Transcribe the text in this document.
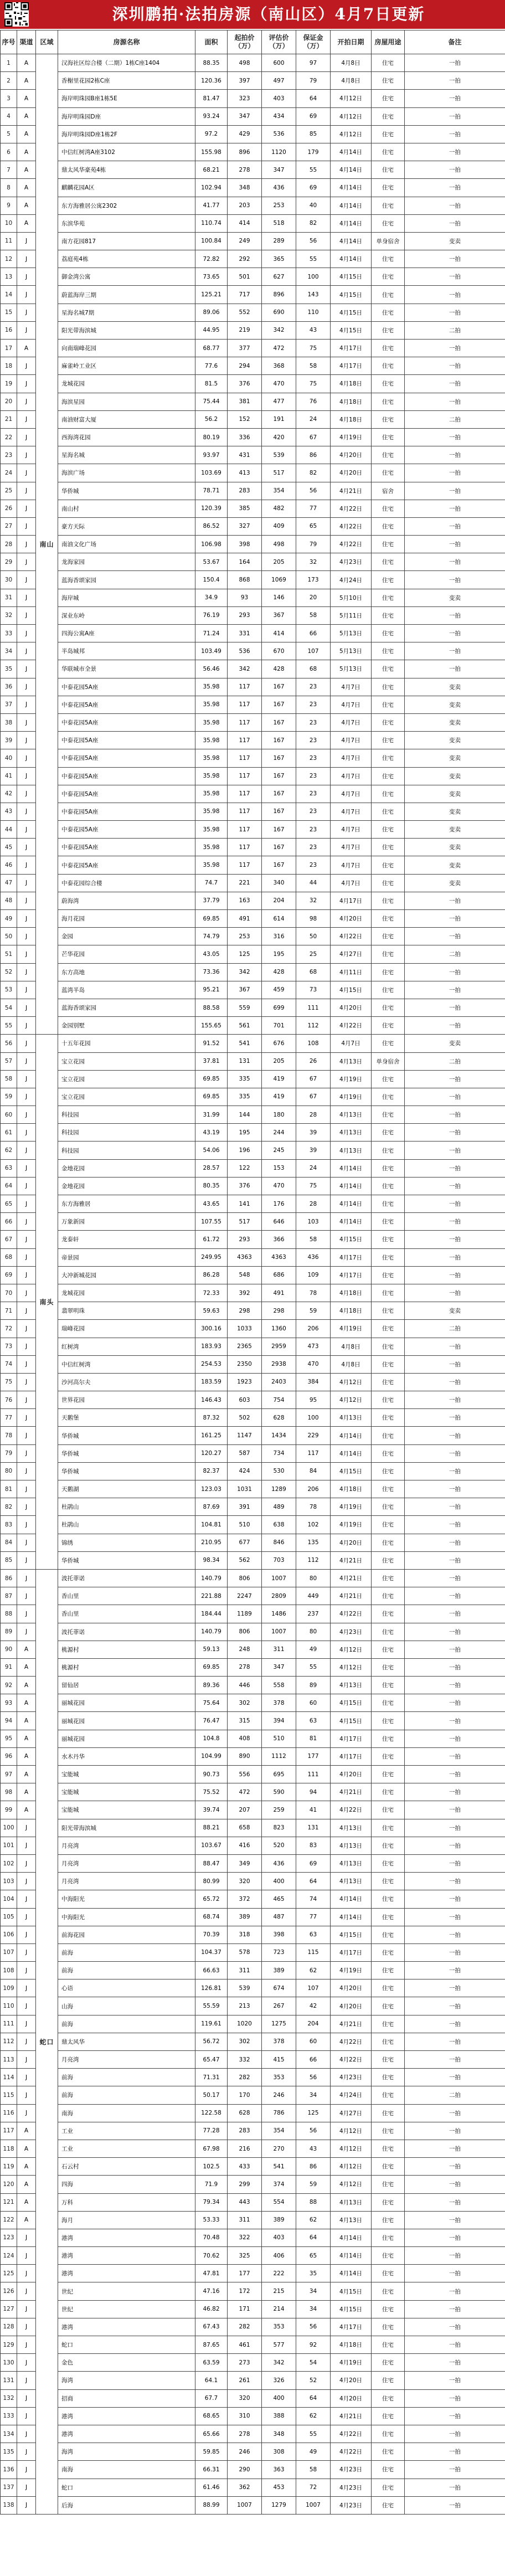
深圳鹏拍·法拍房源（南山区）4月7日更新
序号	渠道	区域	房源名称	面积	起拍价（万）	评估价（万）	保证金（万）	开拍日期	房屋用途	备注
1	A	南山	汉海社区综合楼（二期）1栋C座1404	88.35	498	600	97	4月8日	住宅	一拍
2	A		香榭里花园2栋C座	120.36	397	497	79	4月8日	住宅	一拍
3	A		海岸明珠园B座1栋5E	81.47	323	403	64	4月12日	住宅	一拍
4	A		海岸明珠园D座	93.24	347	434	69	4月12日	住宅	一拍
5	A		海岸明珠园D座1栋2F	97.2	429	536	85	4月12日	住宅	一拍
6	A		中信红树湾A座3102	155.98	896	1120	179	4月14日	住宅	一拍
7	A		鼎太风华豪苑4栋	68.21	278	347	55	4月14日	住宅	一拍
8	A		麒麟花园A区	102.94	348	436	69	4月14日	住宅	一拍
9	A		东方海雅居公寓2302	41.77	203	253	40	4月14日	住宅	一拍
10	A		东滨华苑	110.74	414	518	82	4月14日	住宅	一拍
11	J		南方花园817	100.84	249	289	56	4月14日	单身宿舍	变卖
12	J		荔庭苑4栋	72.82	292	365	55	4月14日	住宅	一拍
13	J		御金湾公寓	73.65	501	627	100	4月15日	住宅	一拍
14	J		蔚蓝海岸三期	125.21	717	896	143	4月15日	住宅	一拍
15	J		星海名城7期	89.06	552	690	110	4月15日	住宅	一拍
16	J		阳光带海滨城	44.95	219	342	43	4月15日	住宅	二拍
17	A		向南瑞峰花园	68.77	377	472	75	4月17日	住宅	一拍
18	J		麻雀岭工业区	77.6	294	368	58	4月17日	住宅	一拍
19	J		龙城花园	81.5	376	470	75	4月18日	住宅	一拍
20	J		海滨星园	75.44	381	477	76	4月18日	住宅	一拍
21	J		南油财富大厦	56.2	152	191	24	4月18日	住宅	二拍
22	J		西海湾花园	80.19	336	420	67	4月19日	住宅	一拍
23	J		星海名城	93.97	431	539	86	4月20日	住宅	一拍
24	J		海滨广场	103.69	413	517	82	4月20日	住宅	一拍
25	J		华侨城	78.71	283	354	56	4月21日	宿舍	一拍
26	J		南山村	120.39	385	482	77	4月22日	住宅	一拍
27	J		豪方天际	86.52	327	409	65	4月22日	住宅	一拍
28	J		南油文化广场	106.98	398	498	79	4月22日	住宅	一拍
29	J		龙海家园	53.67	164	205	32	4月23日	住宅	一拍
30	J		蓝海香颂家园	150.4	868	1069	173	4月24日	住宅	一拍
31	J		海岸城	34.9	93	146	20	5月10日	住宅	变卖
32	J		深业东岭	76.19	293	367	58	5月11日	住宅	一拍
33	J		四海公寓A座	71.24	331	414	66	5月13日	住宅	一拍
34	J		半岛城邦	103.49	536	670	107	5月13日	住宅	一拍
35	J		华联城市全景	56.46	342	428	68	5月13日	住宅	一拍
36	J		中泰花园5A座	35.98	117	167	23	4月7日	住宅	变卖
37	J		中泰花园5A座	35.98	117	167	23	4月7日	住宅	变卖
38	J		中泰花园5A座	35.98	117	167	23	4月7日	住宅	变卖
39	J		中泰花园5A座	35.98	117	167	23	4月7日	住宅	变卖
40	J		中泰花园5A座	35.98	117	167	23	4月7日	住宅	变卖
41	J		中泰花园5A座	35.98	117	167	23	4月7日	住宅	变卖
42	J		中泰花园5A座	35.98	117	167	23	4月7日	住宅	变卖
43	J		中泰花园5A座	35.98	117	167	23	4月7日	住宅	变卖
44	J		中泰花园5A座	35.98	117	167	23	4月7日	住宅	变卖
45	J		中泰花园5A座	35.98	117	167	23	4月7日	住宅	变卖
46	J		中泰花园5A座	35.98	117	167	23	4月7日	住宅	变卖
47	J		中泰花园综合楼	74.7	221	340	44	4月7日	住宅	变卖
48	J		蔚海湾	37.79	163	204	32	4月17日	住宅	一拍
49	J		海月花园	69.85	491	614	98	4月20日	住宅	一拍
50	J		金园	74.79	253	316	50	4月22日	住宅	一拍
51	J		芒华花园	43.05	125	195	25	4月27日	住宅	二拍
52	J		东方高地	73.36	342	428	68	4月11日	住宅	一拍
53	J		蓝湾半岛	95.21	367	459	73	4月15日	住宅	一拍
54	J		蓝海香颂家园	88.58	559	699	111	4月20日	住宅	一拍
55	J		金园别墅	155.65	561	701	112	4月22日	住宅	一拍
56	J	南头	十五年花园	91.52	541	676	108	4月7日	住宅	变卖
57	J		宝立花园	37.81	131	205	26	4月13日	单身宿舍	二拍
58	J		宝立花园	69.85	335	419	67	4月19日	住宅	一拍
59	J		宝立花园	69.85	335	419	67	4月19日	住宅	一拍
60	J		科技园	31.99	144	180	28	4月13日	住宅	一拍
61	J		科技园	43.19	195	244	39	4月13日	住宅	一拍
62	J		科技园	54.06	196	245	39	4月13日	住宅	一拍
63	J		金地花园	28.57	122	153	24	4月14日	住宅	一拍
64	J		金地花园	80.35	376	470	75	4月14日	住宅	一拍
65	J		东方海雅居	43.65	141	176	28	4月14日	住宅	一拍
66	J		万象新园	107.55	517	646	103	4月14日	住宅	一拍
67	J		龙泰轩	61.72	293	366	58	4月15日	住宅	一拍
68	J		帝景园	249.95	4363	4363	436	4月17日	住宅	一拍
69	J		大冲新城花园	86.28	548	686	109	4月17日	住宅	一拍
70	J		龙城花园	72.33	392	491	78	4月18日	住宅	一拍
71	J		翡翠明珠	59.63	298	298	59	4月18日	住宅	变卖
72	J		瑞峰花园	300.16	1033	1360	206	4月19日	住宅	二拍
73	J		红树湾	183.93	2365	2959	473	4月8日	住宅	一拍
74	J		中信红树湾	254.53	2350	2938	470	4月8日	住宅	一拍
75	J		沙河高尔夫	183.59	1923	2403	384	4月12日	住宅	一拍
76	J		世界花园	146.43	603	754	95	4月12日	住宅	一拍
77	J		天鹅堡	87.32	502	628	100	4月13日	住宅	一拍
78	J		华侨城	161.25	1147	1434	229	4月14日	住宅	一拍
79	J		华侨城	120.27	587	734	117	4月14日	住宅	一拍
80	J		华侨城	82.37	424	530	84	4月15日	住宅	一拍
81	J		天鹅湖	123.03	1031	1289	206	4月18日	住宅	一拍
82	J		杜鹃山	87.69	391	489	78	4月19日	住宅	一拍
83	J		杜鹃山	104.81	510	638	102	4月19日	住宅	一拍
84	J		锦绣	210.95	677	846	135	4月20日	住宅	一拍
85	J		华侨城	98.34	562	703	112	4月21日	住宅	一拍
86	J	蛇口	波托菲诺	140.79	806	1007	80	4月21日	住宅	一拍
87	J		香山里	221.88	2247	2809	449	4月21日	住宅	一拍
88	J		香山里	184.44	1189	1486	237	4月22日	住宅	一拍
89	J		波托菲诺	140.79	806	1007	80	4月23日	住宅	一拍
90	A		桃源村	59.13	248	311	49	4月12日	住宅	一拍
91	A		桃源村	69.85	278	347	55	4月12日	住宅	一拍
92	A		留仙居	89.36	446	558	89	4月13日	住宅	一拍
93	A		丽城花园	75.64	302	378	60	4月15日	住宅	一拍
94	A		丽城花园	76.47	315	394	63	4月15日	住宅	一拍
95	A		丽城花园	104.8	408	510	81	4月17日	住宅	一拍
96	A		水木丹华	104.99	890	1112	177	4月17日	住宅	一拍
97	A		宝能城	90.73	556	695	111	4月20日	住宅	一拍
98	A		宝能城	75.52	472	590	94	4月21日	住宅	一拍
99	A		宝能城	39.74	207	259	41	4月22日	住宅	一拍
100	J		阳光带海滨城	88.21	658	823	131	4月13日	住宅	一拍
101	J		月亮湾	103.67	416	520	83	4月13日	住宅	一拍
102	J		月亮湾	88.47	349	436	69	4月13日	住宅	一拍
103	J		月亮湾	80.99	320	400	64	4月13日	住宅	一拍
104	J		中海阳光	65.72	372	465	74	4月14日	住宅	一拍
105	J		中海阳光	68.74	389	487	77	4月14日	住宅	一拍
106	J		前海花园	70.39	318	398	63	4月15日	住宅	一拍
107	J		前海	104.37	578	723	115	4月17日	住宅	一拍
108	J		前海	66.63	311	389	62	4月19日	住宅	一拍
109	J		心语	126.81	539	674	107	4月20日	住宅	一拍
110	J		山海	55.59	213	267	42	4月20日	住宅	一拍
111	J		前海	119.61	1020	1275	204	4月21日	住宅	一拍
112	J		鼎太风华	56.72	302	378	60	4月22日	住宅	一拍
113	J		月亮湾	65.47	332	415	66	4月22日	住宅	一拍
114	J		前海	71.31	282	353	56	4月23日	住宅	一拍
115	J		前海	50.17	170	246	34	4月24日	住宅	二拍
116	J		南海	122.58	628	786	125	4月27日	住宅	一拍
117	A		工业	77.28	283	354	56	4月12日	住宅	一拍
118	A		工业	67.98	216	270	43	4月12日	住宅	一拍
119	A		石云村	102.5	433	541	86	4月12日	住宅	一拍
120	A		四海	71.9	299	374	59	4月12日	住宅	一拍
121	A		万科	79.34	443	554	88	4月13日	住宅	一拍
122	A		海月	53.33	311	389	62	4月13日	住宅	一拍
123	J		港湾	70.48	322	403	64	4月14日	住宅	一拍
124	J		港湾	70.62	325	406	65	4月14日	住宅	一拍
125	J		港湾	47.81	177	222	35	4月14日	住宅	一拍
126	J		世纪	47.16	172	215	34	4月15日	住宅	一拍
127	J		世纪	46.82	171	214	34	4月15日	住宅	一拍
128	J		港湾	67.43	282	353	56	4月17日	住宅	一拍
129	J		蛇口	87.65	461	577	92	4月18日	住宅	一拍
130	J		金色	63.59	273	342	54	4月19日	住宅	一拍
131	J		海湾	64.1	261	326	52	4月20日	住宅	一拍
132	J		招商	67.7	320	400	64	4月20日	住宅	一拍
133	J		港湾	68.65	310	388	62	4月21日	住宅	一拍
134	J		港湾	65.66	278	348	55	4月22日	住宅	一拍
135	J		海湾	59.85	246	308	49	4月22日	住宅	一拍
136	J		南海	66.31	290	363	58	4月23日	住宅	一拍
137	J		蛇口	61.46	362	453	72	4月23日	住宅	一拍
138	J		后海	88.99	1007	1279	1007	4月23日	住宅	一拍
